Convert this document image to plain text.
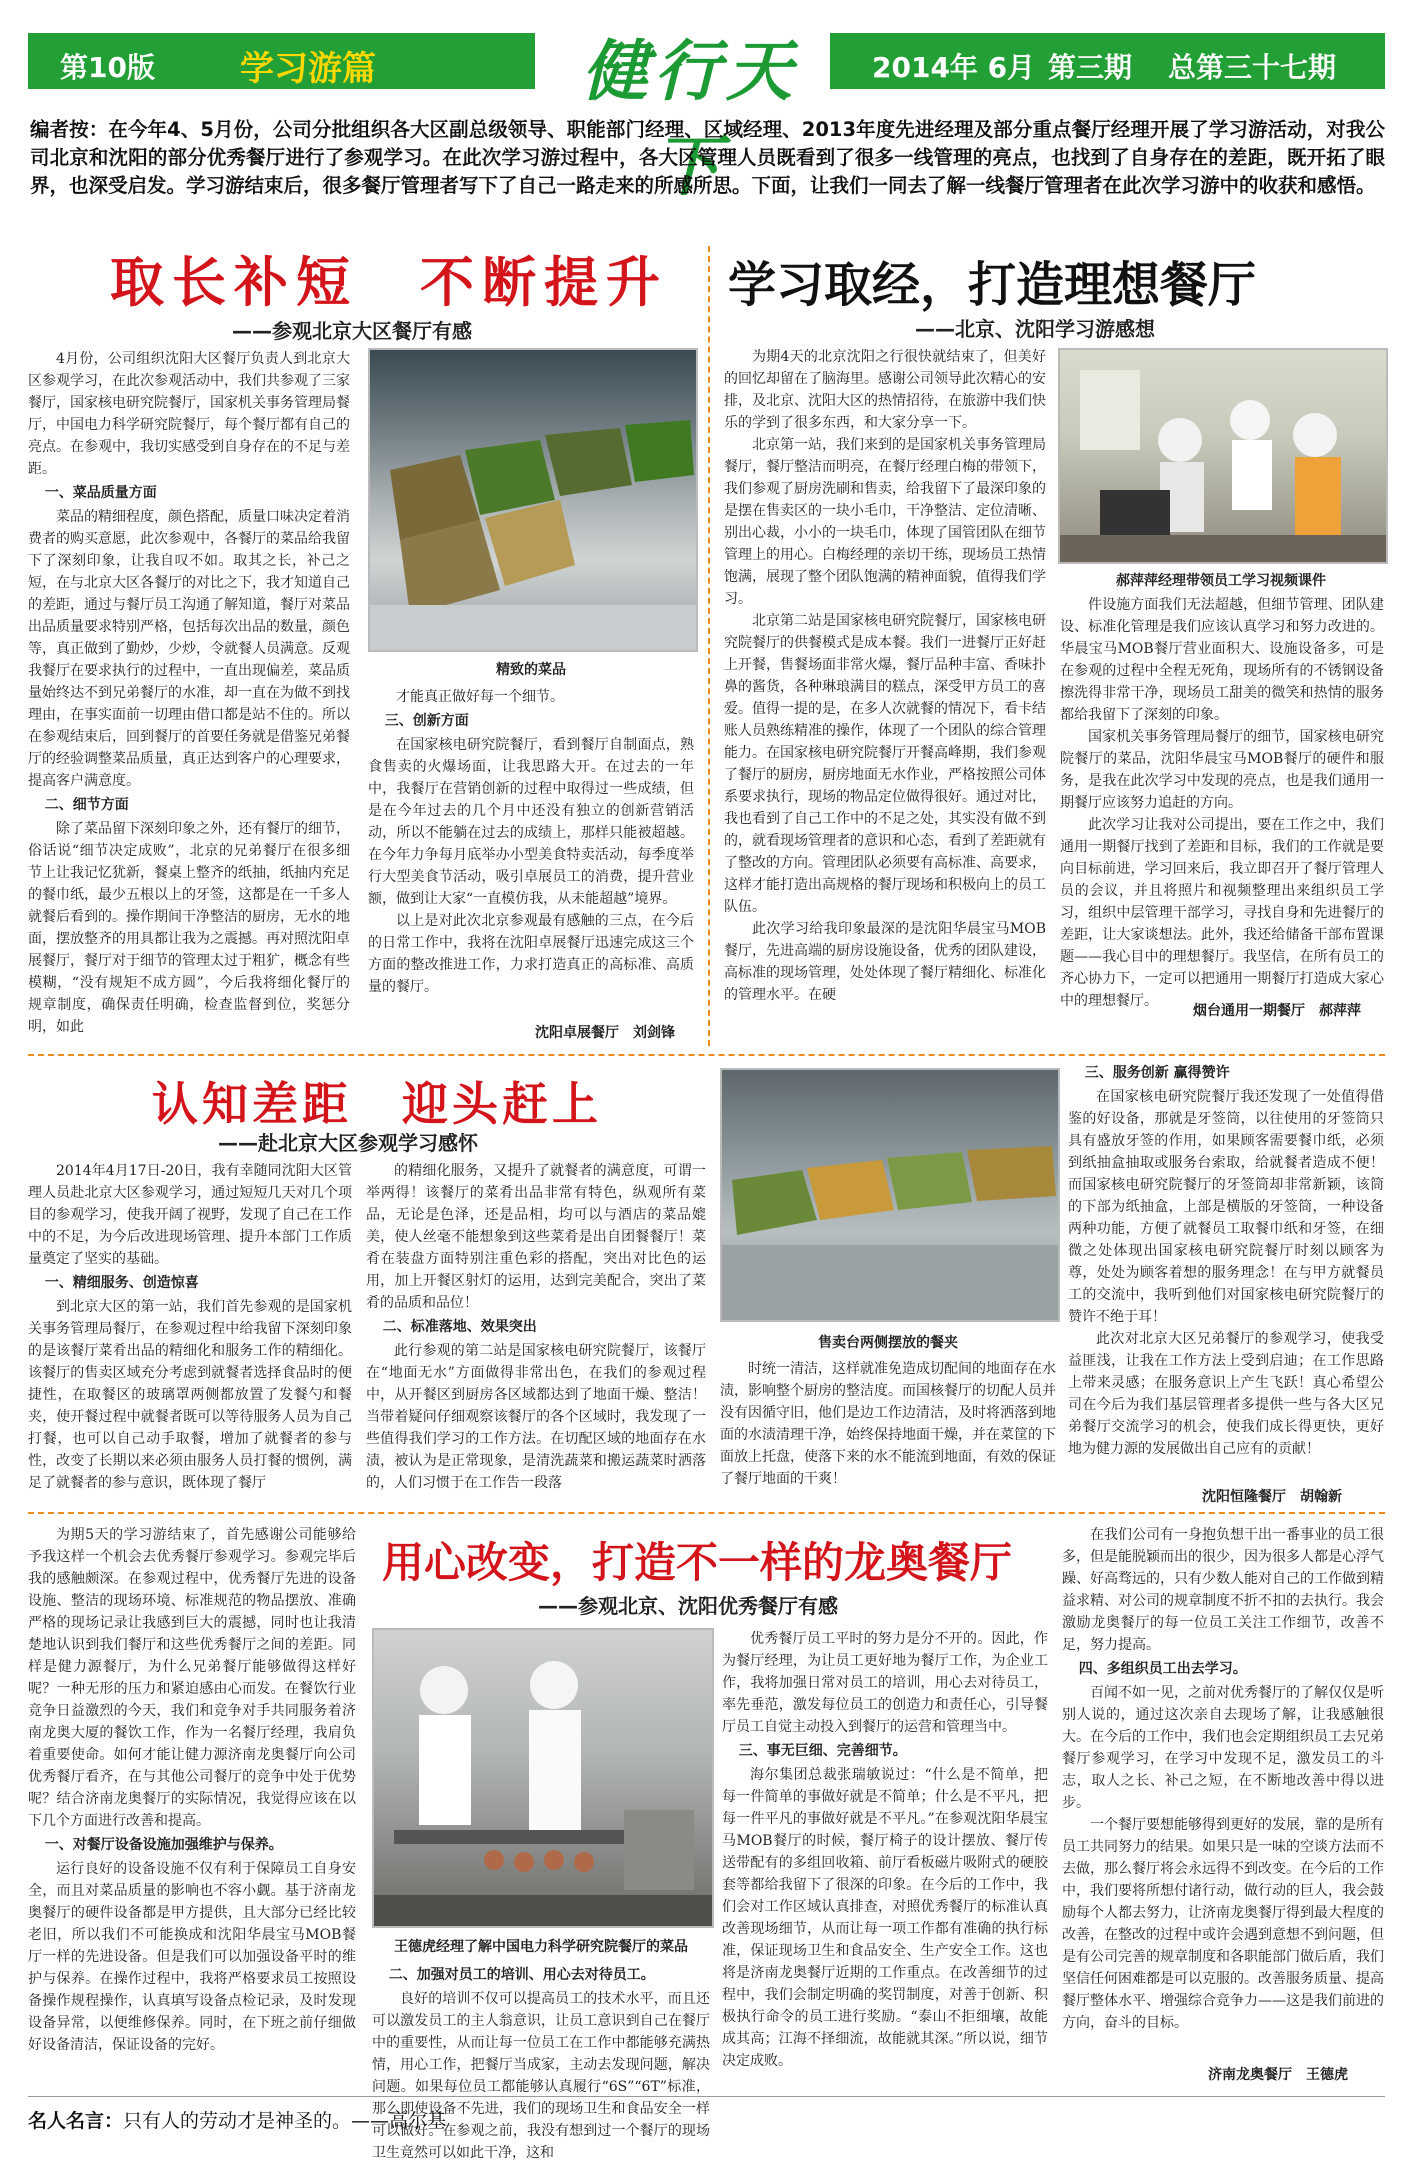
第10版	学习游篇	健行天下
2014年 6月 第三期 总第三十七期
编者按：在今年4、5月份，公司分批组织各大区副总级领导、职能部门经理、区域经理、2013年度先进经理及部分重点餐厅经理开展了学习游活动，对我公司北京和沈阳的部分优秀餐厅进行了参观学习。在此次学习游过程中，各大区管理人员既看到了很多一线管理的亮点，也找到了自身存在的差距，既开拓了眼界，也深受启发。学习游结束后，很多餐厅管理者写下了自己一路走来的所感所思。下面，让我们一同去了解一线餐厅管理者在此次学习游中的收获和感悟。
取长补短　不断提升
——参观北京大区餐厅有感

4月份，公司组织沈阳大区餐厅负责人到北京大区参观学习，在此次参观活动中，我们共参观了三家餐厅，国家核电研究院餐厅，国家机关事务管理局餐厅，中国电力科学研究院餐厅，每个餐厅都有自己的亮点。在参观中，我切实感受到自身存在的不足与差距。

一、菜品质量方面

菜品的精细程度，颜色搭配，质量口味决定着消费者的购买意愿，此次参观中，各餐厅的菜品给我留下了深刻印象，让我自叹不如。取其之长，补己之短，在与北京大区各餐厅的对比之下，我才知道自己的差距，通过与餐厅员工沟通了解知道，餐厅对菜品出品质量要求特别严格，包括每次出品的数量，颜色等，真正做到了勤炒，少炒，令就餐人员满意。反观我餐厅在要求执行的过程中，一直出现偏差，菜品质量始终达不到兄弟餐厅的水准，却一直在为做不到找理由，在事实面前一切理由借口都是站不住的。所以在参观结束后，回到餐厅的首要任务就是借鉴兄弟餐厅的经验调整菜品质量，真正达到客户的心理要求，提高客户满意度。

二、细节方面

除了菜品留下深刻印象之外，还有餐厅的细节，俗话说“细节决定成败”，北京的兄弟餐厅在很多细节上让我记忆犹新，餐桌上整齐的纸抽，纸抽内充足的餐巾纸，最少五根以上的牙签，这都是在一千多人就餐后看到的。操作期间干净整洁的厨房，无水的地面，摆放整齐的用具都让我为之震撼。再对照沈阳卓展餐厅，餐厅对于细节的管理太过于粗犷，概念有些模糊，“没有规矩不成方圆”，今后我将细化餐厅的规章制度，确保责任明确，检查监督到位，奖惩分明，如此

精致的菜品

才能真正做好每一个细节。

三、创新方面

在国家核电研究院餐厅，看到餐厅自制面点，熟食售卖的火爆场面，让我思路大开。在过去的一年中，我餐厅在营销创新的过程中取得过一些成绩，但是在今年过去的几个月中还没有独立的创新营销活动，所以不能躺在过去的成绩上，那样只能被超越。在今年力争每月底举办小型美食特卖活动，每季度举行大型美食节活动，吸引卓展员工的消费，提升营业额，做到让大家“一直模仿我，从未能超越”境界。

以上是对此次北京参观最有感触的三点，在今后的日常工作中，我将在沈阳卓展餐厅迅速完成这三个方面的整改推进工作，力求打造真正的高标准、高质量的餐厅。

沈阳卓展餐厅　刘剑锋
学习取经，打造理想餐厅
——北京、沈阳学习游感想

为期4天的北京沈阳之行很快就结束了，但美好的回忆却留在了脑海里。感谢公司领导此次精心的安排，及北京、沈阳大区的热情招待，在旅游中我们快乐的学到了很多东西，和大家分享一下。

北京第一站，我们来到的是国家机关事务管理局餐厅，餐厅整洁而明亮，在餐厅经理白梅的带领下，我们参观了厨房洗刷和售卖，给我留下了最深印象的是摆在售卖区的一块小毛巾，干净整洁、定位清晰、别出心裁，小小的一块毛巾，体现了国管团队在细节管理上的用心。白梅经理的亲切干练，现场员工热情饱满，展现了整个团队饱满的精神面貌，值得我们学习。

北京第二站是国家核电研究院餐厅，国家核电研究院餐厅的供餐模式是成本餐。我们一进餐厅正好赶上开餐，售餐场面非常火爆，餐厅品种丰富、香味扑鼻的酱货，各种琳琅满目的糕点，深受甲方员工的喜爱。值得一提的是，在多人次就餐的情况下，看卡结账人员熟练精准的操作，体现了一个团队的综合管理能力。在国家核电研究院餐厅开餐高峰期，我们参观了餐厅的厨房，厨房地面无水作业，严格按照公司体系要求执行，现场的物品定位做得很好。通过对比，我也看到了自己工作中的不足之处，其实没有做不到的，就看现场管理者的意识和心态，看到了差距就有了整改的方向。管理团队必须要有高标准、高要求，这样才能打造出高规格的餐厅现场和积极向上的员工队伍。

此次学习给我印象最深的是沈阳华晨宝马MOB餐厅，先进高端的厨房设施设备，优秀的团队建设，高标准的现场管理，处处体现了餐厅精细化、标准化的管理水平。在硬

郝萍萍经理带领员工学习视频课件

件设施方面我们无法超越，但细节管理、团队建设、标准化管理是我们应该认真学习和努力改进的。华晨宝马MOB餐厅营业面积大、设施设备多，可是在参观的过程中全程无死角，现场所有的不锈钢设备擦洗得非常干净，现场员工甜美的微笑和热情的服务都给我留下了深刻的印象。

国家机关事务管理局餐厅的细节，国家核电研究院餐厅的菜品，沈阳华晨宝马MOB餐厅的硬件和服务，是我在此次学习中发现的亮点，也是我们通用一期餐厅应该努力追赶的方向。

此次学习让我对公司提出，要在工作之中，我们通用一期餐厅找到了差距和目标，我们的工作就是要向目标前进，学习回来后，我立即召开了餐厅管理人员的会议，并且将照片和视频整理出来组织员工学习，组织中层管理干部学习，寻找自身和先进餐厅的差距，让大家谈想法。此外，我还给储备干部布置课题——我心目中的理想餐厅。我坚信，在所有员工的齐心协力下，一定可以把通用一期餐厅打造成大家心中的理想餐厅。

烟台通用一期餐厅　郝萍萍
认知差距　迎头赶上
——赴北京大区参观学习感怀

2014年4月17日-20日，我有幸随同沈阳大区管理人员赴北京大区参观学习，通过短短几天对几个项目的参观学习，使我开阔了视野，发现了自己在工作中的不足，为今后改进现场管理、提升本部门工作质量奠定了坚实的基础。

一、精细服务、创造惊喜

到北京大区的第一站，我们首先参观的是国家机关事务管理局餐厅，在参观过程中给我留下深刻印象的是该餐厅菜肴出品的精细化和服务工作的精细化。该餐厅的售卖区域充分考虑到就餐者选择食品时的便捷性，在取餐区的玻璃罩两侧都放置了发餐勺和餐夹，使开餐过程中就餐者既可以等待服务人员为自己打餐，也可以自己动手取餐，增加了就餐者的参与性，改变了长期以来必须由服务人员打餐的惯例，满足了就餐者的参与意识，既体现了餐厅

的精细化服务，又提升了就餐者的满意度，可谓一举两得！该餐厅的菜肴出品非常有特色，纵观所有菜品，无论是色泽，还是品相，均可以与酒店的菜品媲美，使人丝毫不能想象到这些菜肴是出自团餐餐厅！菜肴在装盘方面特别注重色彩的搭配，突出对比色的运用，加上开餐区射灯的运用，达到完美配合，突出了菜肴的品质和品位！

二、标准落地、效果突出

此行参观的第二站是国家核电研究院餐厅，该餐厅在“地面无水”方面做得非常出色，在我们的参观过程中，从开餐区到厨房各区域都达到了地面干燥、整洁！当带着疑问仔细观察该餐厅的各个区域时，我发现了一些值得我们学习的工作方法。在切配区域的地面存在水渍，被认为是正常现象，是清洗蔬菜和搬运蔬菜时洒落的，人们习惯于在工作告一段落

售卖台两侧摆放的餐夹

时统一清洁，这样就准免造成切配间的地面存在水渍，影响整个厨房的整洁度。而国核餐厅的切配人员并没有因循守旧，他们是边工作边清洁，及时将洒落到地面的水渍清理干净，始终保持地面干燥，并在菜筐的下面放上托盘，使落下来的水不能流到地面，有效的保证了餐厅地面的干爽！

三、服务创新 赢得赞许

在国家核电研究院餐厅我还发现了一处值得借鉴的好设备，那就是牙签筒，以往使用的牙签筒只具有盛放牙签的作用，如果顾客需要餐巾纸，必须到纸抽盒抽取或服务台索取，给就餐者造成不便！而国家核电研究院餐厅的牙签筒却非常新颖，该筒的下部为纸抽盒，上部是横版的牙签筒，一种设备两种功能，方便了就餐员工取餐巾纸和牙签，在细微之处体现出国家核电研究院餐厅时刻以顾客为尊，处处为顾客着想的服务理念！在与甲方就餐员工的交流中，我听到他们对国家核电研究院餐厅的赞许不绝于耳！

此次对北京大区兄弟餐厅的参观学习，使我受益匪浅，让我在工作方法上受到启迪；在工作思路上带来灵感；在服务意识上产生飞跃！真心希望公司在今后为我们基层管理者多提供一些与各大区兄弟餐厅交流学习的机会，使我们成长得更快，更好地为健力源的发展做出自己应有的贡献！

沈阳恒隆餐厅　胡翰新

为期5天的学习游结束了，首先感谢公司能够给予我这样一个机会去优秀餐厅参观学习。参观完毕后我的感触颇深。在参观过程中，优秀餐厅先进的设备设施、整洁的现场环境、标准规范的物品摆放、准确严格的现场记录让我感到巨大的震撼，同时也让我清楚地认识到我们餐厅和这些优秀餐厅之间的差距。同样是健力源餐厅，为什么兄弟餐厅能够做得这样好呢？一种无形的压力和紧迫感由心而发。在餐饮行业竞争日益激烈的今天，我们和竞争对手共同服务着济南龙奥大厦的餐饮工作，作为一名餐厅经理，我肩负着重要使命。如何才能让健力源济南龙奥餐厅向公司优秀餐厅看齐，在与其他公司餐厅的竞争中处于优势呢？结合济南龙奥餐厅的实际情况，我觉得应该在以下几个方面进行改善和提高。

一、对餐厅设备设施加强维护与保养。

运行良好的设备设施不仅有利于保障员工自身安全，而且对菜品质量的影响也不容小觑。基于济南龙奥餐厅的硬件设备都是甲方提供，且大部分已经比较老旧，所以我们不可能换成和沈阳华晨宝马MOB餐厅一样的先进设备。但是我们可以加强设备平时的维护与保养。在操作过程中，我将严格要求员工按照设备操作规程操作，认真填写设备点检记录，及时发现设备异常，以便维修保养。同时，在下班之前仔细做好设备清洁，保证设备的完好。

用心改变，打造不一样的龙奥餐厅
——参观北京、沈阳优秀餐厅有感
王德虎经理了解中国电力科学研究院餐厅的菜品
二、加强对员工的培训、用心去对待员工。

良好的培训不仅可以提高员工的技术水平，而且还可以激发员工的主人翁意识，让员工意识到自己在餐厅中的重要性，从而让每一位员工在工作中都能够充满热情，用心工作，把餐厅当成家，主动去发现问题，解决问题。如果每位员工都能够认真履行“6S”“6T”标准，那么即使设备不先进，我们的现场卫生和食品安全一样可以做好。在参观之前，我没有想到过一个餐厅的现场卫生竟然可以如此干净，这和

优秀餐厅员工平时的努力是分不开的。因此，作为餐厅经理，为让员工更好地为餐厅工作，为企业工作，我将加强日常对员工的培训，用心去对待员工，率先垂范，激发每位员工的创造力和责任心，引导餐厅员工自觉主动投入到餐厅的运营和管理当中。

三、事无巨细、完善细节。

海尔集团总裁张瑞敏说过：“什么是不简单，把每一件简单的事做好就是不简单；什么是不平凡，把每一件平凡的事做好就是不平凡。”在参观沈阳华晨宝马MOB餐厅的时候，餐厅椅子的设计摆放、餐厅传送带配有的多组回收箱、前厅看板磁片吸附式的硬胶套等都给我留下了很深的印象。在今后的工作中，我们会对工作区域认真排查，对照优秀餐厅的标准认真改善现场细节，从而让每一项工作都有准确的执行标准，保证现场卫生和食品安全、生产安全工作。这也将是济南龙奥餐厅近期的工作重点。在改善细节的过程中，我们会制定明确的奖罚制度，对善于创新、积极执行命令的员工进行奖励。“泰山不拒细壤，故能成其高；江海不择细流，故能就其深。”所以说，细节决定成败。

在我们公司有一身抱负想干出一番事业的员工很多，但是能脱颖而出的很少，因为很多人都是心浮气躁、好高骛远的，只有少数人能对自己的工作做到精益求精、对公司的规章制度不折不扣的去执行。我会激励龙奥餐厅的每一位员工关注工作细节，改善不足，努力提高。

四、多组织员工出去学习。

百闻不如一见，之前对优秀餐厅的了解仅仅是听别人说的，通过这次亲自去现场了解，让我感触很大。在今后的工作中，我们也会定期组织员工去兄弟餐厅参观学习，在学习中发现不足，激发员工的斗志，取人之长、补己之短，在不断地改善中得以进步。

一个餐厅要想能够得到更好的发展，靠的是所有员工共同努力的结果。如果只是一味的空谈方法而不去做，那么餐厅将会永远得不到改变。在今后的工作中，我们要将所想付诸行动，做行动的巨人，我会鼓励每个人都去努力，让济南龙奥餐厅得到最大程度的改善，在整改的过程中或许会遇到意想不到问题，但是有公司完善的规章制度和各职能部门做后盾，我们坚信任何困难都是可以克服的。改善服务质量、提高餐厅整体水平、增强综合竞争力——这是我们前进的方向，奋斗的目标。

济南龙奥餐厅　王德虎
名人名言：只有人的劳动才是神圣的。——高尔基
